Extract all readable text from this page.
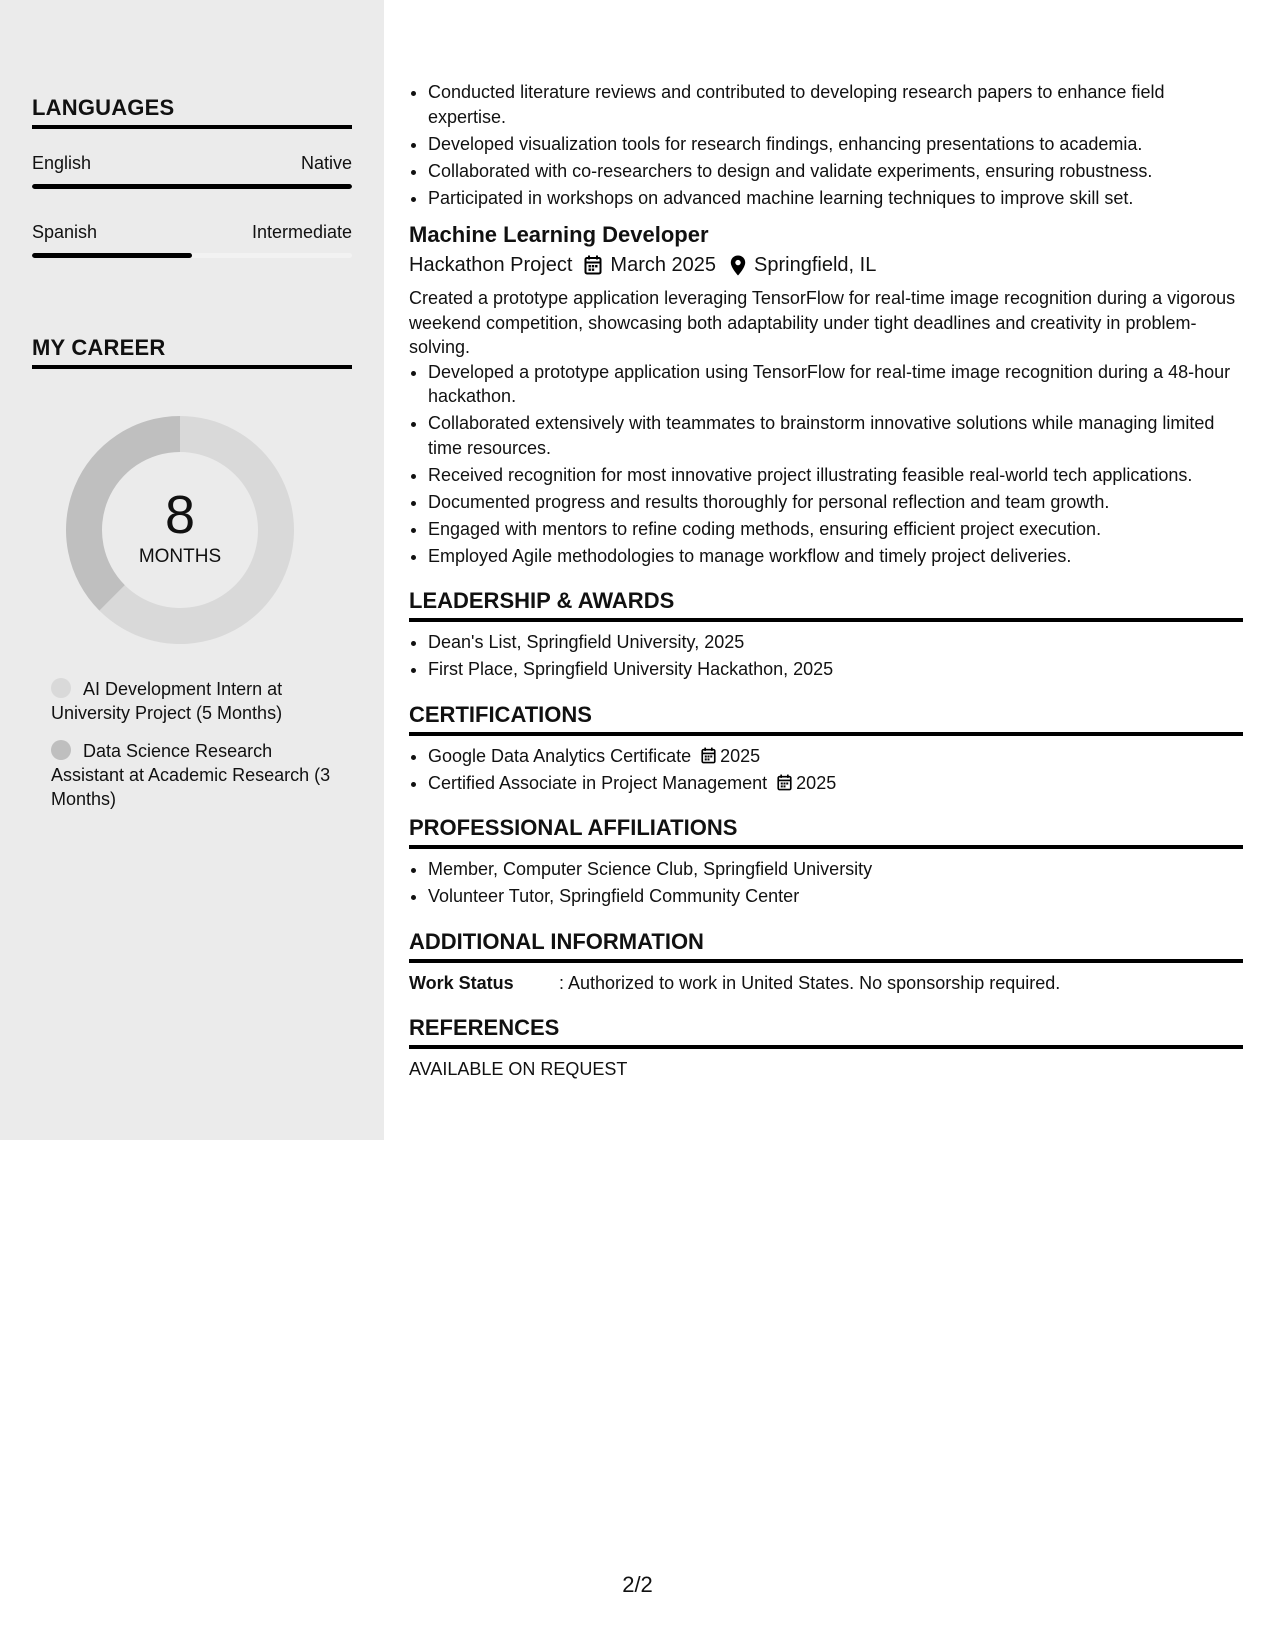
LANGUAGES
English	Native
Spanish	Intermediate
MY CAREER
8
MONTHS
AI Development Intern at University Project (5 Months)
Data Science Research Assistant at Academic Research (3 Months)
• Conducted literature reviews and contributed to developing research papers to enhance field expertise.
• Developed visualization tools for research findings, enhancing presentations to academia.
• Collaborated with co-researchers to design and validate experiments, ensuring robustness.
• Participated in workshops on advanced machine learning techniques to improve skill set.
Machine Learning Developer
Hackathon Project March 2025 Springfield, IL

Created a prototype application leveraging TensorFlow for real-time image recognition during a vigorous weekend competition, showcasing both adaptability under tight deadlines and creativity in problem-solving.

• Developed a prototype application using TensorFlow for real-time image recognition during a 48-hour hackathon.
• Collaborated extensively with teammates to brainstorm innovative solutions while managing limited time resources.
• Received recognition for most innovative project illustrating feasible real-world tech applications.
• Documented progress and results thoroughly for personal reflection and team growth.
• Engaged with mentors to refine coding methods, ensuring efficient project execution.
• Employed Agile methodologies to manage workflow and timely project deliveries.
LEADERSHIP & AWARDS
• Dean's List, Springfield University, 2025
• First Place, Springfield University Hackathon, 2025
CERTIFICATIONS
• Google Data Analytics Certificate 2025
• Certified Associate in Project Management 2025
PROFESSIONAL AFFILIATIONS
• Member, Computer Science Club, Springfield University
• Volunteer Tutor, Springfield Community Center
ADDITIONAL INFORMATION
Work Status	: Authorized to work in United States. No sponsorship required.
REFERENCES
AVAILABLE ON REQUEST
2/2
